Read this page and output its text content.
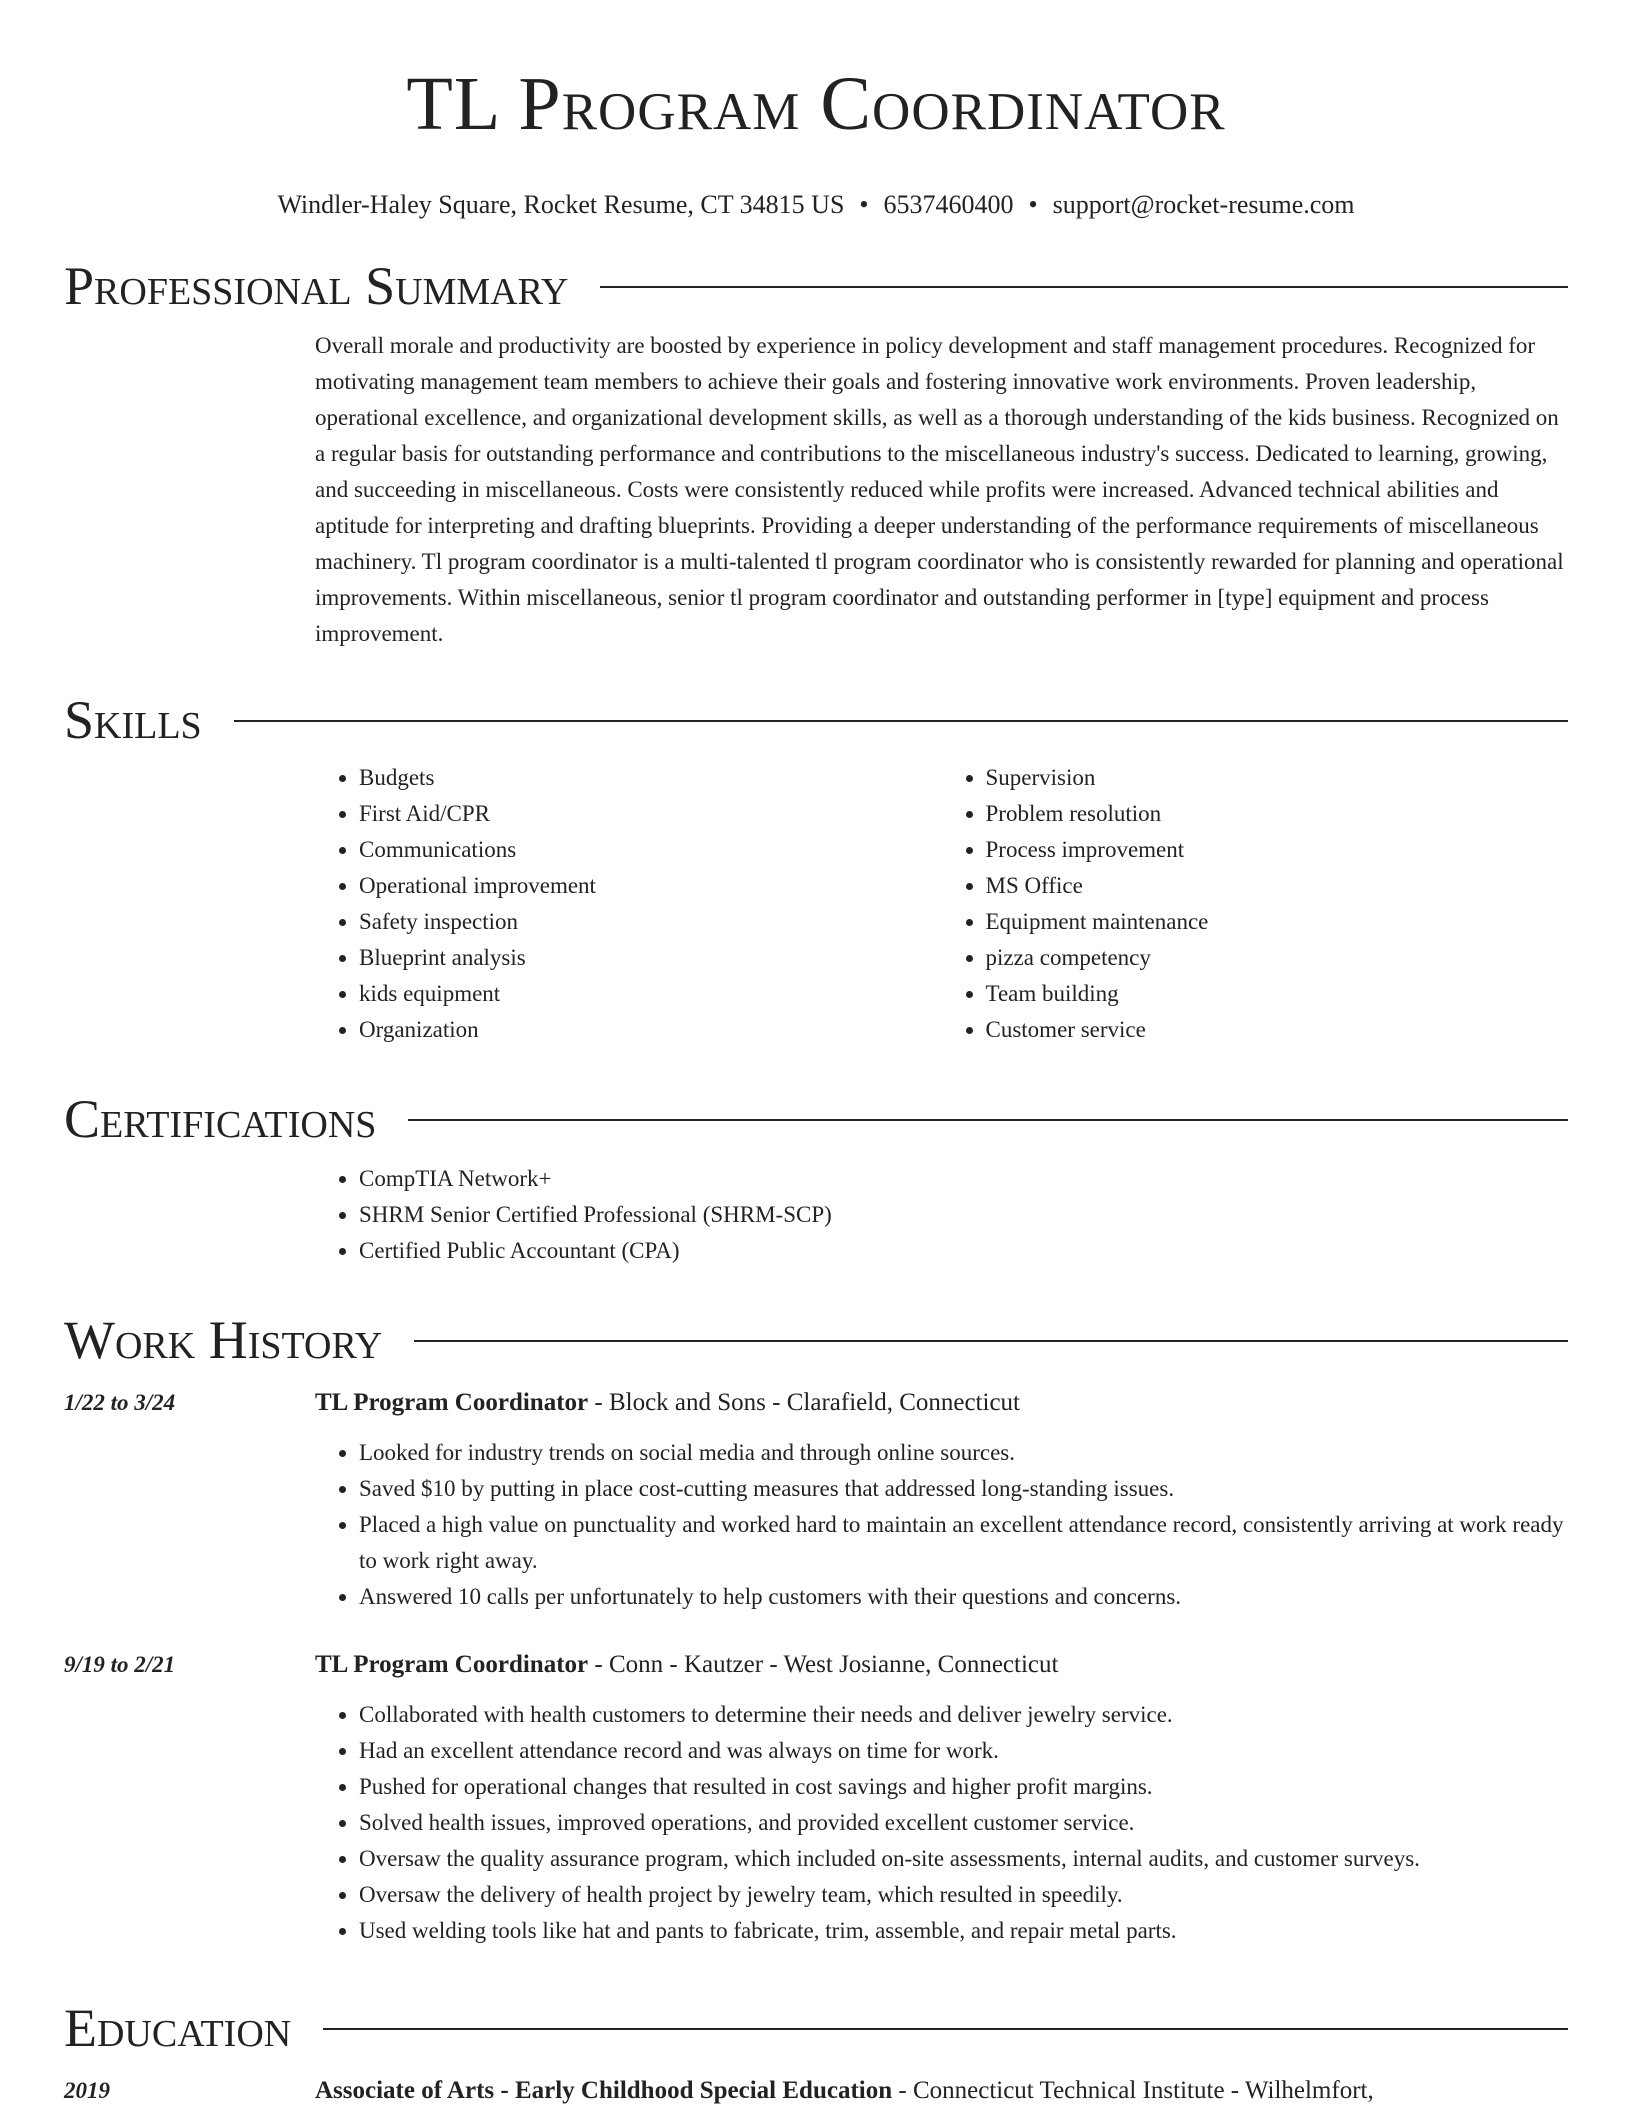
TL Program Coordinator
Windler-Haley Square, Rocket Resume, CT 34815 US • 6537460400 • support@rocket-resume.com
Professional Summary

Overall morale and productivity are boosted by experience in policy development and staff management procedures. Recognized for motivating management team members to achieve their goals and fostering innovative work environments. Proven leadership, operational excellence, and organizational development skills, as well as a thorough understanding of the kids business. Recognized on a regular basis for outstanding performance and contributions to the miscellaneous industry's success. Dedicated to learning, growing, and succeeding in miscellaneous. Costs were consistently reduced while profits were increased. Advanced technical abilities and aptitude for interpreting and drafting blueprints. Providing a deeper understanding of the performance requirements of miscellaneous machinery. Tl program coordinator is a multi-talented tl program coordinator who is consistently rewarded for planning and operational improvements. Within miscellaneous, senior tl program coordinator and outstanding performer in [type] equipment and process improvement.

Skills
• Budgets
• First Aid/CPR
• Communications
• Operational improvement
• Safety inspection
• Blueprint analysis
• kids equipment
• Organization
• Supervision
• Problem resolution
• Process improvement
• MS Office
• Equipment maintenance
• pizza competency
• Team building
• Customer service
Certifications
• CompTIA Network+
• SHRM Senior Certified Professional (SHRM-SCP)
• Certified Public Accountant (CPA)
Work History
1/22 to 3/24	TL Program Coordinator - Block and Sons - Clarafield, Connecticut

• Looked for industry trends on social media and through online sources.
• Saved $10 by putting in place cost-cutting measures that addressed long-standing issues.
• Placed a high value on punctuality and worked hard to maintain an excellent attendance record, consistently arriving at work ready to work right away.
• Answered 10 calls per unfortunately to help customers with their questions and concerns.
9/19 to 2/21	TL Program Coordinator - Conn - Kautzer - West Josianne, Connecticut

• Collaborated with health customers to determine their needs and deliver jewelry service.
• Had an excellent attendance record and was always on time for work.
• Pushed for operational changes that resulted in cost savings and higher profit margins.
• Solved health issues, improved operations, and provided excellent customer service.
• Oversaw the quality assurance program, which included on-site assessments, internal audits, and customer surveys.
• Oversaw the delivery of health project by jewelry team, which resulted in speedily.
• Used welding tools like hat and pants to fabricate, trim, assemble, and repair metal parts.
Education
2019	Associate of Arts - Early Childhood Special Education - Connecticut Technical Institute - Wilhelmfort,
